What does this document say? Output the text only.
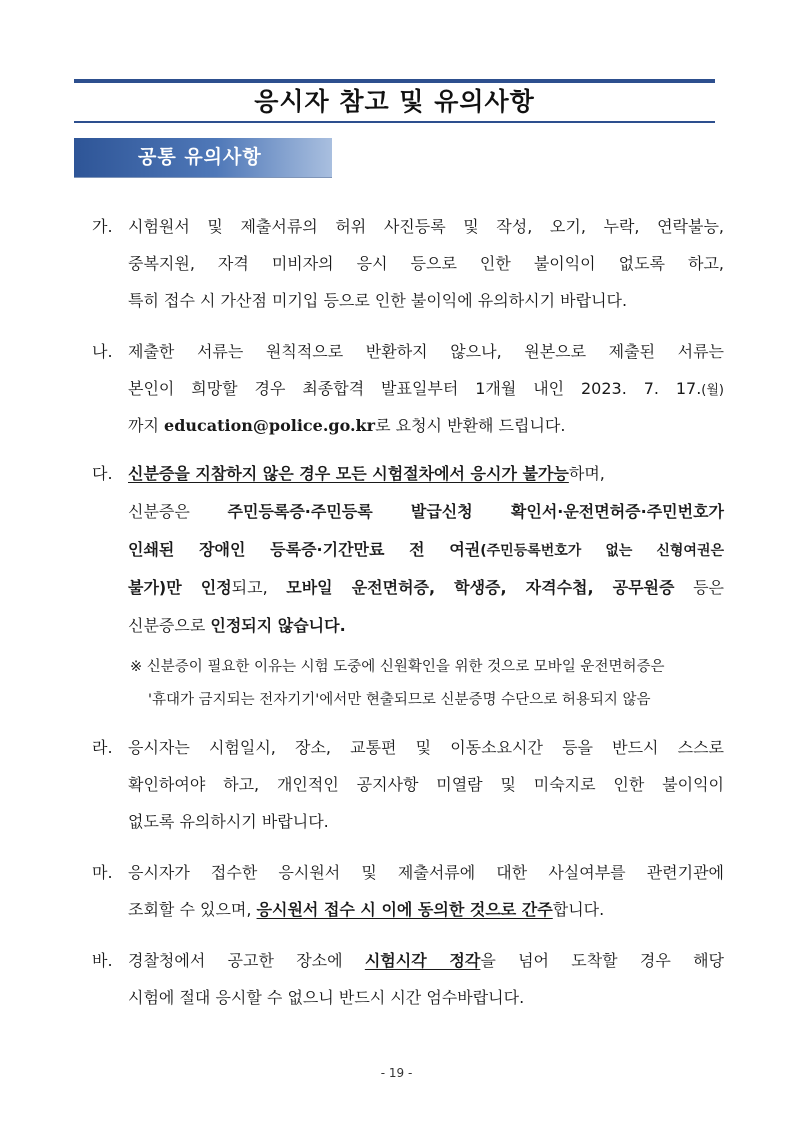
응시자 참고 및 유의사항
공통 유의사항
가. 시험원서 및 제출서류의 허위 사진등록 및 작성, 오기, 누락, 연락불능,
중복지원, 자격 미비자의 응시 등으로 인한 불이익이 없도록 하고,
특히 접수 시 가산점 미기입 등으로 인한 불이익에 유의하시기 바랍니다.
나. 제출한 서류는 원칙적으로 반환하지 않으나, 원본으로 제출된 서류는
본인이 희망할 경우 최종합격 발표일부터 1개월 내인 2023. 7. 17.(월)
까지 education@police.go.kr로 요청시 반환해 드립니다.
다. 신분증을 지참하지 않은 경우 모든 시험절차에서 응시가 불가능하며,
신분증은 주민등록증·주민등록 발급신청 확인서·운전면허증·주민번호가
인쇄된 장애인 등록증·기간만료 전 여권(주민등록번호가 없는 신형여권은
불가)만 인정되고, 모바일 운전면허증, 학생증, 자격수첩, 공무원증 등은
신분증으로 인정되지 않습니다.
※ 신분증이 필요한 이유는 시험 도중에 신원확인을 위한 것으로 모바일 운전면허증은
'휴대가 금지되는 전자기기'에서만 현출되므로 신분증명 수단으로 허용되지 않음
라. 응시자는 시험일시, 장소, 교통편 및 이동소요시간 등을 반드시 스스로
확인하여야 하고, 개인적인 공지사항 미열람 및 미숙지로 인한 불이익이
없도록 유의하시기 바랍니다.
마. 응시자가 접수한 응시원서 및 제출서류에 대한 사실여부를 관련기관에
조회할 수 있으며, 응시원서 접수 시 이에 동의한 것으로 간주합니다.
바. 경찰청에서 공고한 장소에 시험시각 정각을 넘어 도착할 경우 해당
시험에 절대 응시할 수 없으니 반드시 시간 엄수바랍니다.
- 19 -
